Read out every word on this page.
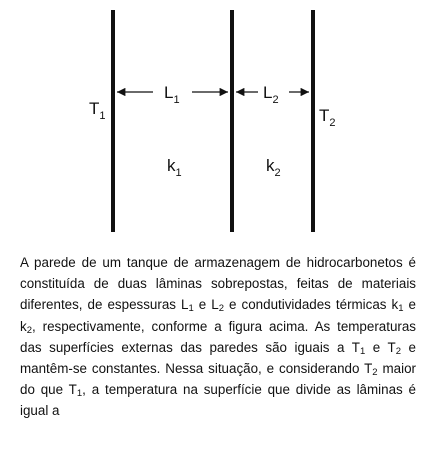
$T_1$
$L_1$	$L_2$
$T_2$
$k_1$	$k_2$

A parede de um tanque de armazenagem de hidrocarbonetos é constituída de duas lâminas sobrepostas, feitas de materiais diferentes, de espessuras $L_1$ e $L_2$ e condutividades térmicas $k_1$ e $k_2$, respectivamente, conforme a figura acima. As temperaturas das superfícies externas das paredes são iguais a $T_1$ e $T_2$ e mantêm-se constantes. Nessa situação, e considerando $T_2$ maior do que $T_1$, a temperatura na superfície que divide as lâminas é igual a
